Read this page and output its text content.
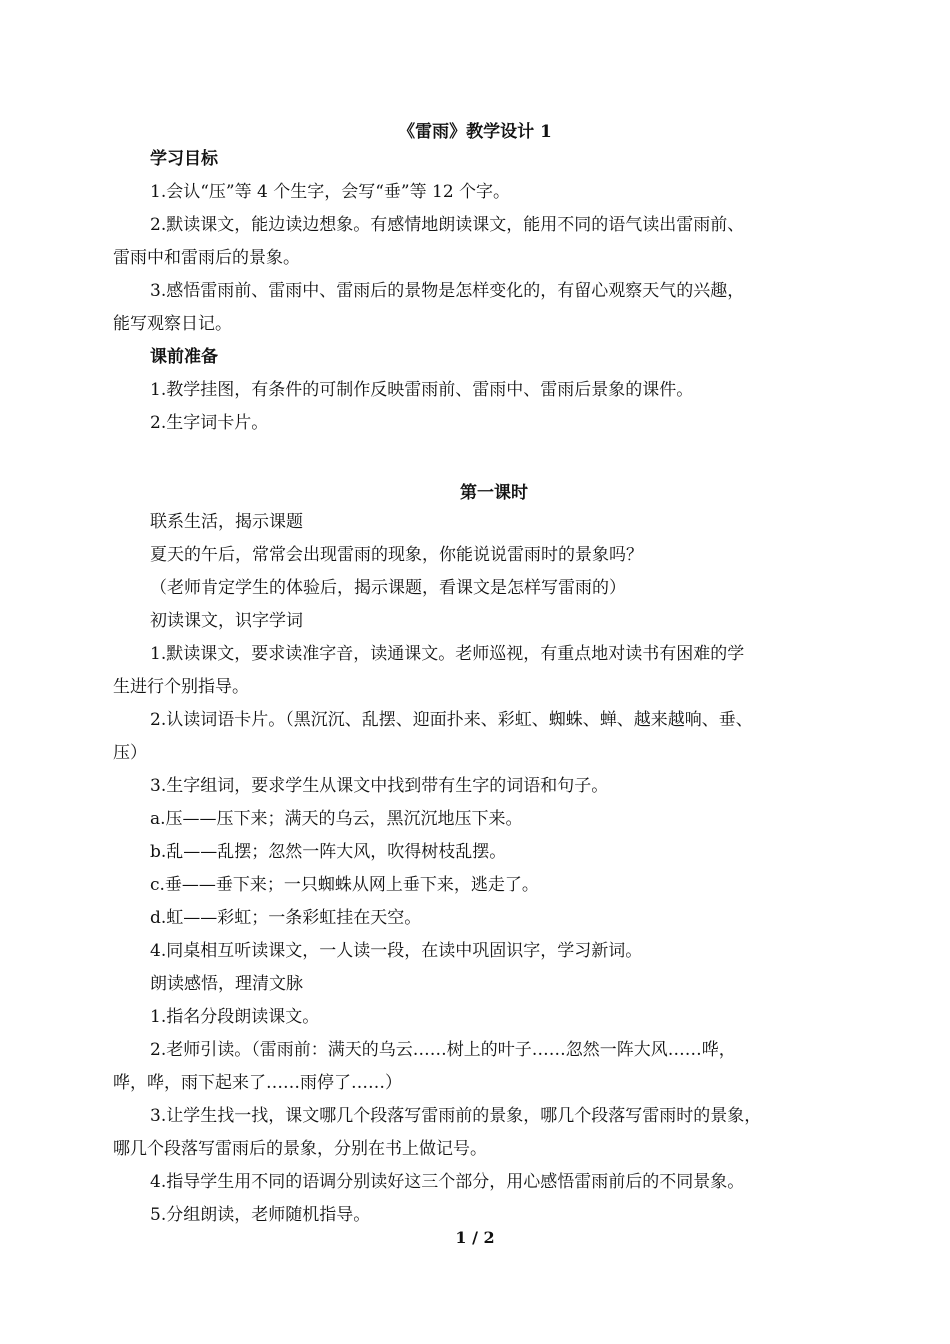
《雷雨》教学设计 1
学习目标
1.会认“压”等 4 个生字，会写“垂”等 12 个字。
2.默读课文，能边读边想象。有感情地朗读课文，能用不同的语气读出雷雨前、
雷雨中和雷雨后的景象。
3.感悟雷雨前、雷雨中、雷雨后的景物是怎样变化的，有留心观察天气的兴趣，
能写观察日记。
课前准备
1.教学挂图，有条件的可制作反映雷雨前、雷雨中、雷雨后景象的课件。
2.生字词卡片。
第一课时
联系生活，揭示课题
夏天的午后，常常会出现雷雨的现象，你能说说雷雨时的景象吗？
（老师肯定学生的体验后，揭示课题，看课文是怎样写雷雨的）
初读课文，识字学词
1.默读课文，要求读准字音，读通课文。老师巡视，有重点地对读书有困难的学
生进行个别指导。
2.认读词语卡片。（黑沉沉、乱摆、迎面扑来、彩虹、蜘蛛、蝉、越来越响、垂、
压）
3.生字组词，要求学生从课文中找到带有生字的词语和句子。
a.压——压下来；满天的乌云，黑沉沉地压下来。
b.乱——乱摆；忽然一阵大风，吹得树枝乱摆。
c.垂——垂下来；一只蜘蛛从网上垂下来，逃走了。
d.虹——彩虹；一条彩虹挂在天空。
4.同桌相互听读课文，一人读一段，在读中巩固识字，学习新词。
朗读感悟，理清文脉
1.指名分段朗读课文。
2.老师引读。（雷雨前：满天的乌云……树上的叶子……忽然一阵大风……哗，
哗，哗，雨下起来了……雨停了……）
3.让学生找一找，课文哪几个段落写雷雨前的景象，哪几个段落写雷雨时的景象，
哪几个段落写雷雨后的景象，分别在书上做记号。
4.指导学生用不同的语调分别读好这三个部分，用心感悟雷雨前后的不同景象。
5.分组朗读，老师随机指导。
1 / 2
